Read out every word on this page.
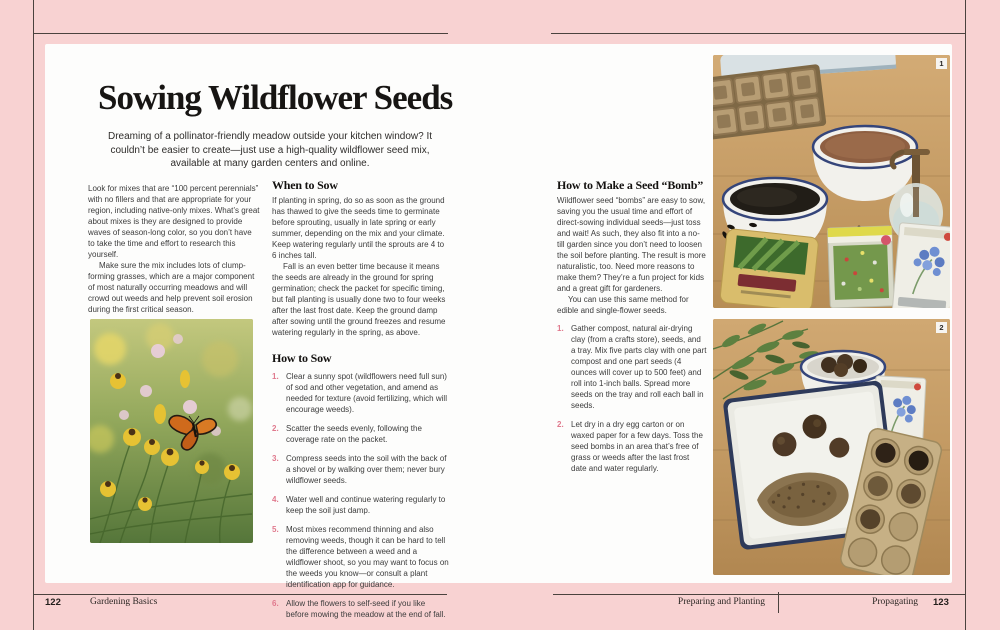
Sowing Wildflower Seeds

Dreaming of a pollinator-friendly meadow outside your kitchen window? It couldn’t be easier to create—just use a high-quality wildflower seed mix, available at many garden centers and online.

Look for mixes that are “100 percent perennials” with no fillers and that are appropriate for your region, including native-only mixes. What’s great about mixes is they are designed to provide waves of season-long color, so you don’t have to take the time and effort to research this yourself.

Make sure the mix includes lots of clump-forming grasses, which are a major component of most naturally occurring meadows and will crowd out weeds and help prevent soil erosion during the first critical season.

When to Sow

If planting in spring, do so as soon as the ground has thawed to give the seeds time to germinate before sprouting, usually in late spring or early summer, depending on the mix and your climate. Keep watering regularly until the sprouts are 4 to 6 inches tall.

Fall is an even better time because it means the seeds are already in the ground for spring germination; check the packet for specific timing, but fall planting is usually done two to four weeks after the last frost date. Keep the ground damp after sowing until the ground freezes and resume watering regularly in the spring, as above.

How to Sow
1. Clear a sunny spot (wildflowers need full sun) of sod and other vegetation, and amend as needed for texture (avoid fertilizing, which will encourage weeds).
2. Scatter the seeds evenly, following the coverage rate on the packet.
3. Compress seeds into the soil with the back of a shovel or by walking over them; never bury wildflower seeds.
4. Water well and continue watering regularly to keep the soil just damp.
5. Most mixes recommend thinning and also removing weeds, though it can be hard to tell the difference between a weed and a wildflower shoot, so you may want to focus on the weeds you know—or consult a plant identification app for guidance.
6. Allow the flowers to self-seed if you like before mowing the meadow at the end of fall.
How to Make a Seed “Bomb”

Wildflower seed “bombs” are easy to sow, saving you the usual time and effort of direct-sowing individual seeds—just toss and wait! As such, they also fit into a no-till garden since you don’t need to loosen the soil before planting. The result is more naturalistic, too. Need more reasons to make them? They’re a fun project for kids and a great gift for gardeners.

You can use this same method for edible and single-flower seeds.

1. Gather compost, natural air-drying clay (from a crafts store), seeds, and a tray. Mix five parts clay with one part compost and one part seeds (4 ounces will cover up to 500 feet) and roll into 1-inch balls. Spread more seeds on the tray and roll each ball in seeds.
2. Let dry in a dry egg carton or on waxed paper for a few days. Toss the seed bombs in an area that’s free of grass or weeds after the last frost date and water regularly.
1
2
122	Gardening Basics	Preparing and Planting	Propagating 123
